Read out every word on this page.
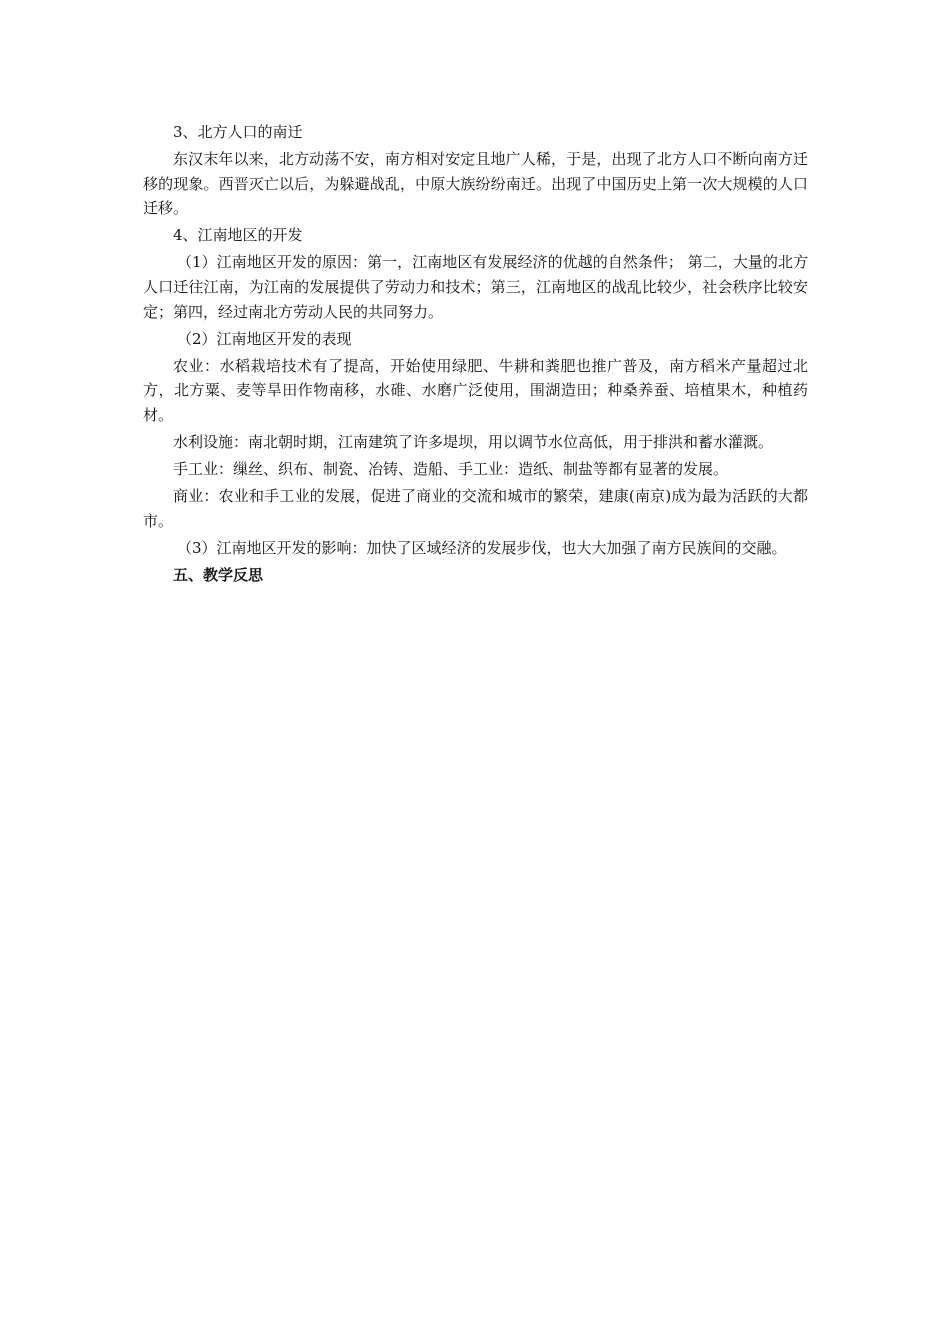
3、北方人口的南迁

东汉末年以来，北方动荡不安，南方相对安定且地广人稀，于是，出现了北方人口不断向南方迁移的现象。西晋灭亡以后，为躲避战乱，中原大族纷纷南迁。出现了中国历史上第一次大规模的人口迁移。

4、江南地区的开发

（1）江南地区开发的原因：第一，江南地区有发展经济的优越的自然条件； 第二，大量的北方人口迁往江南，为江南的发展提供了劳动力和技术；第三，江南地区的战乱比较少，社会秩序比较安定；第四，经过南北方劳动人民的共同努力。

（2）江南地区开发的表现

农业：水稻栽培技术有了提高，开始使用绿肥、牛耕和粪肥也推广普及，南方稻米产量超过北方，北方粟、麦等旱田作物南移，水碓、水磨广泛使用，围湖造田；种桑养蚕、培植果木，种植药材。

水利设施：南北朝时期，江南建筑了许多堤坝，用以调节水位高低，用于排洪和蓄水灌溉。

手工业：缫丝、织布、制瓷、冶铸、造船、手工业：造纸、制盐等都有显著的发展。

商业：农业和手工业的发展，促进了商业的交流和城市的繁荣，建康(南京)成为最为活跃的大都市。

（3）江南地区开发的影响：加快了区域经济的发展步伐，也大大加强了南方民族间的交融。

五、教学反思
